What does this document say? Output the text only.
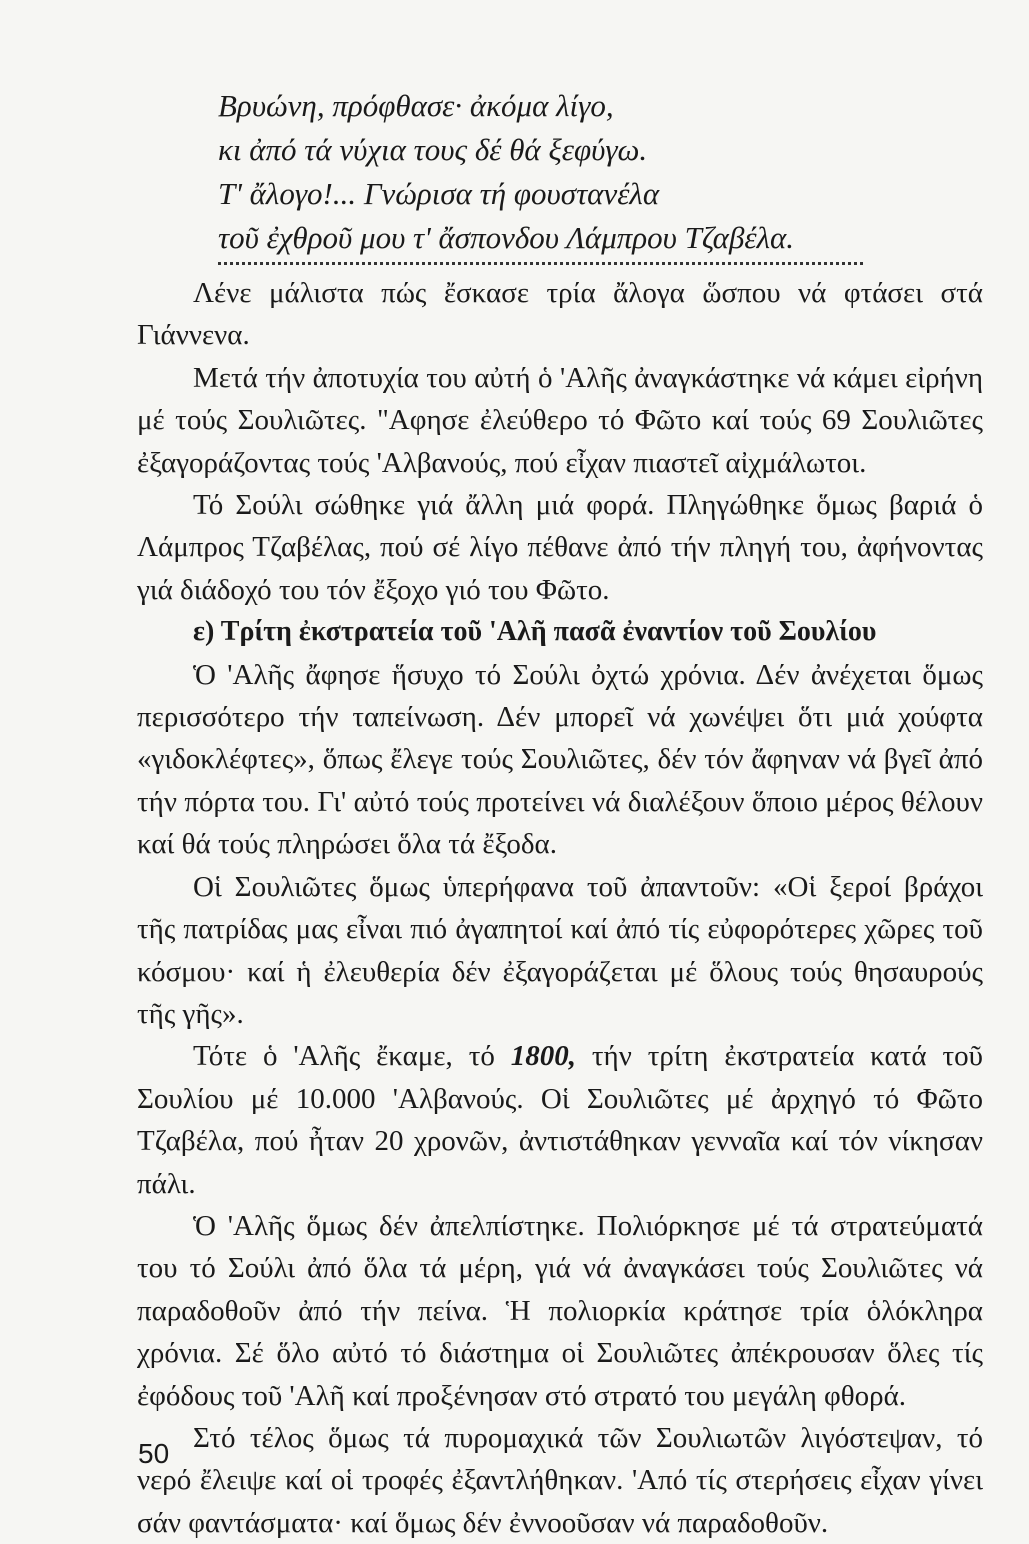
Βρυώνη, πρόφθασε· ἀκόμα λίγο,
κι ἀπό τά νύχια τους δέ θά ξεφύγω.
Τ' ἄλογο!... Γνώρισα τή φουστανέλα
τοῦ ἐχθροῦ μου τ' ἄσπονδου Λάμπρου Τζαβέλα.

Λένε μάλιστα πώς ἔσκασε τρία ἄλογα ὥσπου νά φτάσει στά Γιάννενα.

Μετά τήν ἀποτυχία του αὐτή ὁ 'Αλῆς ἀναγκάστηκε νά κάμει εἰρήνη μέ τούς Σουλιῶτες. "Αφησε ἐλεύθερο τό Φῶτο καί τούς 69 Σουλιῶτες ἐξαγοράζοντας τούς 'Αλβανούς, πού εἶχαν πιαστεῖ αἰχμάλωτοι.

Τό Σούλι σώθηκε γιά ἄλλη μιά φορά. Πληγώθηκε ὅμως βαριά ὁ Λάμπρος Τζαβέλας, πού σέ λίγο πέθανε ἀπό τήν πληγή του, ἀφήνοντας γιά διάδοχό του τόν ἔξοχο γιό του Φῶτο.

ε) Τρίτη ἐκστρατεία τοῦ 'Αλῆ πασᾶ ἐναντίον τοῦ Σουλίου

Ὁ 'Αλῆς ἄφησε ἥσυχο τό Σούλι ὀχτώ χρόνια. Δέν ἀνέχεται ὅμως περισσότερο τήν ταπείνωση. Δέν μπορεῖ νά χωνέψει ὅτι μιά χούφτα «γιδοκλέφτες», ὅπως ἔλεγε τούς Σουλιῶτες, δέν τόν ἄφηναν νά βγεῖ ἀπό τήν πόρτα του. Γι' αὐτό τούς προτείνει νά διαλέξουν ὅποιο μέρος θέλουν καί θά τούς πληρώσει ὅλα τά ἔξοδα.

Οἱ Σουλιῶτες ὅμως ὑπερήφανα τοῦ ἀπαντοῦν: «Οἱ ξεροί βράχοι τῆς πατρίδας μας εἶναι πιό ἀγαπητοί καί ἀπό τίς εὐφορότερες χῶρες τοῦ κόσμου· καί ἡ ἐλευθερία δέν ἐξαγοράζεται μέ ὅλους τούς θησαυρούς τῆς γῆς».

Τότε ὁ 'Αλῆς ἔκαμε, τό 1800, τήν τρίτη ἐκστρατεία κατά τοῦ Σουλίου μέ 10.000 'Αλβανούς. Οἱ Σουλιῶτες μέ ἀρχηγό τό Φῶτο Τζαβέλα, πού ἦταν 20 χρονῶν, ἀντιστάθηκαν γενναῖα καί τόν νίκησαν πάλι.

Ὁ 'Αλῆς ὅμως δέν ἀπελπίστηκε. Πολιόρκησε μέ τά στρατεύματά του τό Σούλι ἀπό ὅλα τά μέρη, γιά νά ἀναγκάσει τούς Σουλιῶτες νά παραδοθοῦν ἀπό τήν πείνα. Ἡ πολιορκία κράτησε τρία ὁλόκληρα χρόνια. Σέ ὅλο αὐτό τό διάστημα οἱ Σουλιῶτες ἀπέκρουσαν ὅλες τίς ἐφόδους τοῦ 'Αλῆ καί προξένησαν στό στρατό του μεγάλη φθορά.

Στό τέλος ὅμως τά πυρομαχικά τῶν Σουλιωτῶν λιγόστεψαν, τό νερό ἔλειψε καί οἱ τροφές ἐξαντλήθηκαν. 'Από τίς στερήσεις εἶχαν γίνει σάν φαντάσματα· καί ὅμως δέν ἐννοοῦσαν νά παραδοθοῦν.

50
